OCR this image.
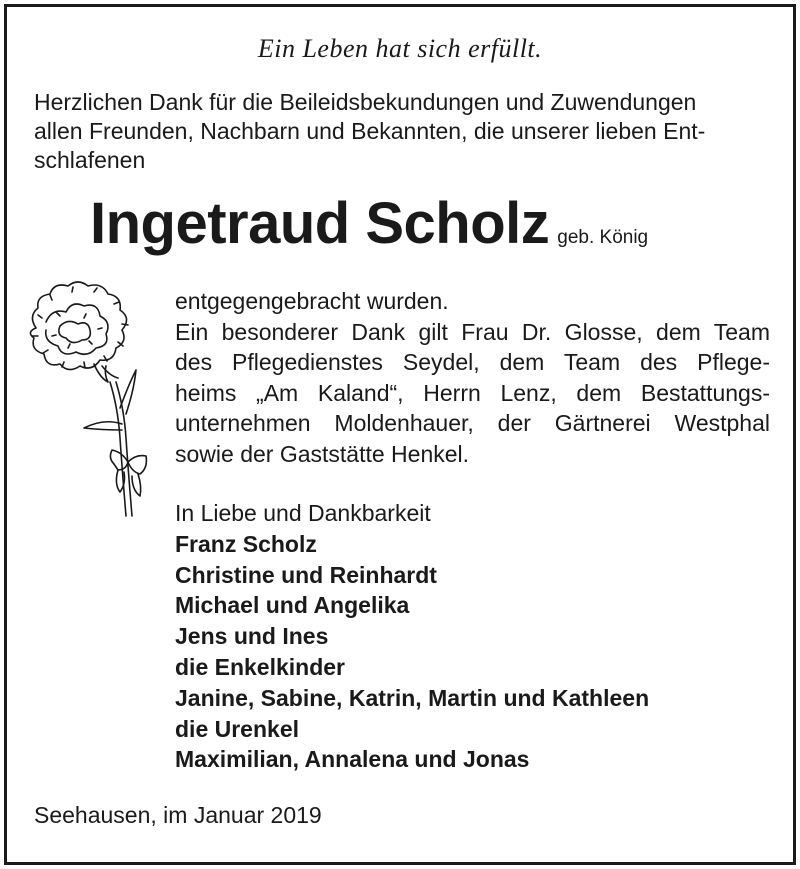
Ein Leben hat sich erfüllt.
Herzlichen Dank für die Beileidsbekundungen und Zuwendungen
allen Freunden, Nachbarn und Bekannten, die unserer lieben Ent-
schlafenen
Ingetraud Scholz geb. König
entgegengebracht wurden.
Ein besonderer Dank gilt Frau Dr. Glosse, dem Team
des Pflegedienstes Seydel, dem Team des Pflege-
heims „Am Kaland“, Herrn Lenz, dem Bestattungs-
unternehmen Moldenhauer, der Gärtnerei Westphal
sowie der Gaststätte Henkel.
In Liebe und Dankbarkeit
Franz Scholz
Christine und Reinhardt
Michael und Angelika
Jens und Ines
die Enkelkinder
Janine, Sabine, Katrin, Martin und Kathleen
die Urenkel
Maximilian, Annalena und Jonas
Seehausen, im Januar 2019
